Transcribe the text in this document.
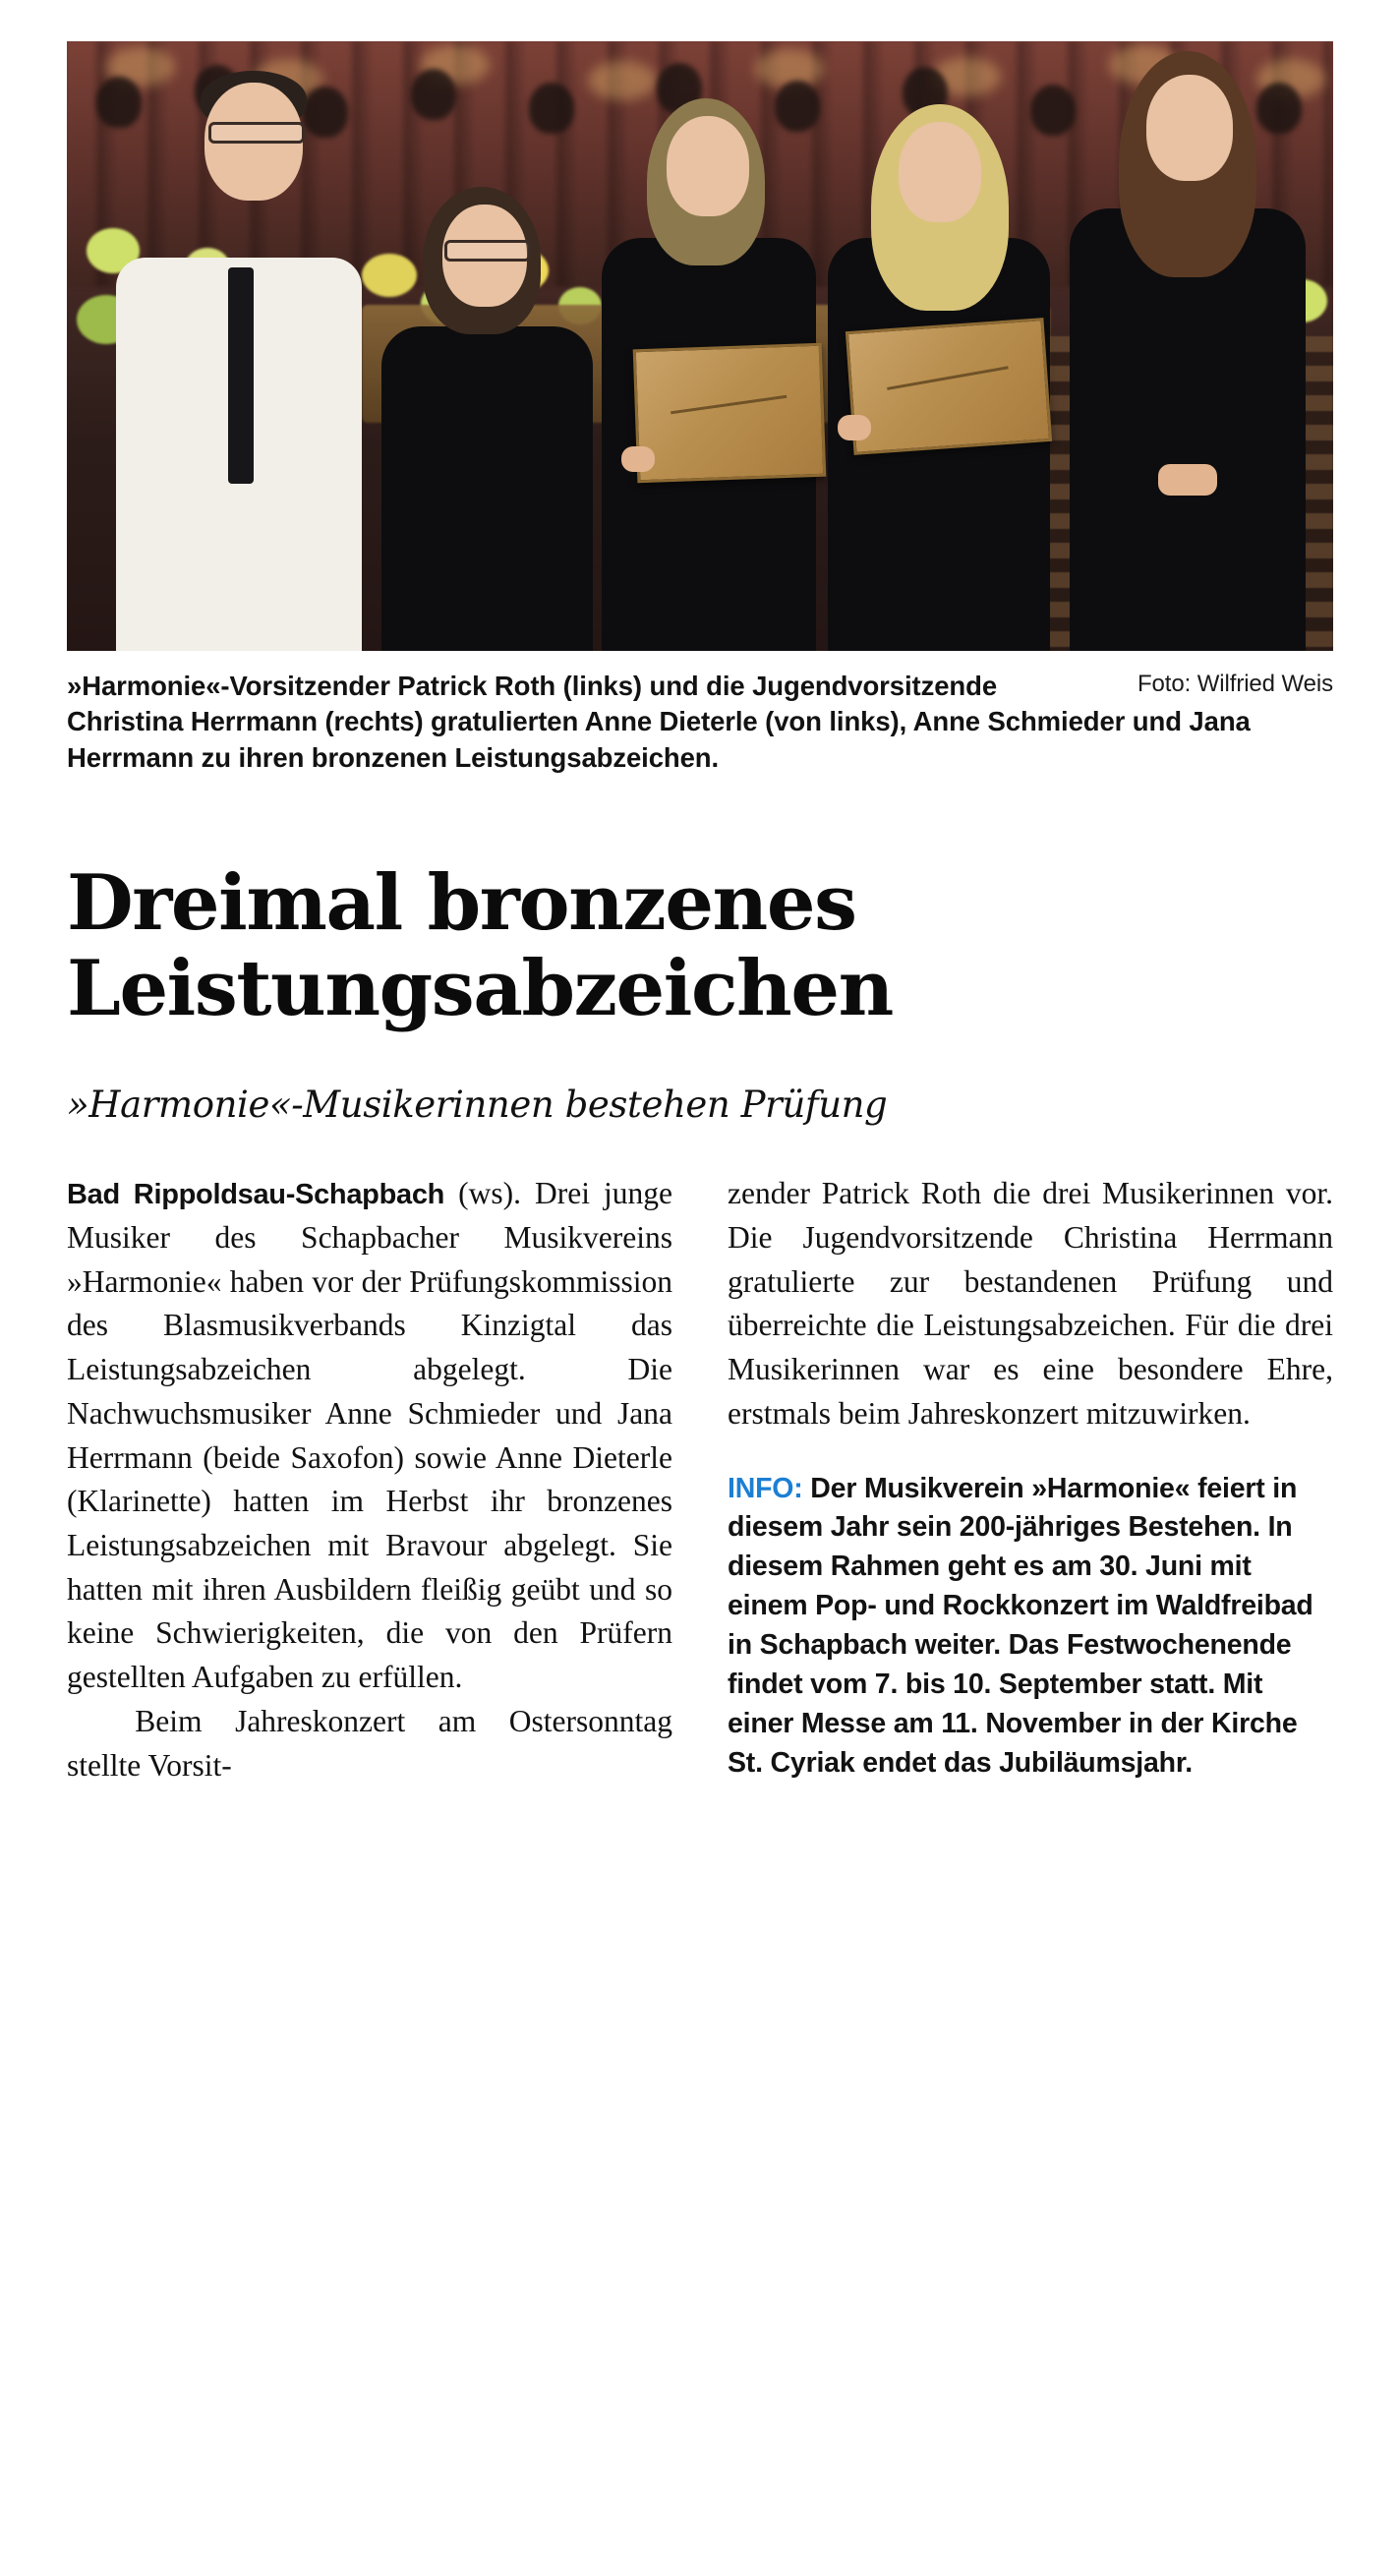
Foto: Wilfried Weis
»Harmonie«-Vorsitzender Patrick Roth (links) und die Jugendvorsitzende Christina Herrmann (rechts) gratulierten Anne Dieterle (von links), Anne Schmieder und Jana Herrmann zu ihren bronzenen Leistungsabzeichen.
Dreimal bronzenes
Leistungsabzeichen
»Harmonie«-Musikerinnen bestehen Prüfung

Bad Rippoldsau-Schapbach (ws). Drei junge Musiker des Schapbacher Musikvereins »Harmonie« haben vor der Prüfungskommission des Blasmusikverbands Kinzigtal das Leistungsabzeichen abgelegt. Die Nachwuchsmusiker Anne Schmieder und Jana Herrmann (beide Saxofon) sowie Anne Dieterle (Klarinette) hatten im Herbst ihr bronzenes Leistungsabzeichen mit Bravour abgelegt. Sie hatten mit ihren Ausbildern fleißig geübt und so keine Schwierigkeiten, die von den Prüfern gestellten Aufgaben zu erfüllen.

Beim Jahreskonzert am Ostersonntag stellte Vorsit-

zender Patrick Roth die drei Musikerinnen vor. Die Jugendvorsitzende Christina Herrmann gratulierte zur bestandenen Prüfung und überreichte die Leistungsabzeichen. Für die drei Musikerinnen war es eine besondere Ehre, erstmals beim Jahreskonzert mitzuwirken.

INFO: Der Musikverein »Harmonie« feiert in diesem Jahr sein 200-jähriges Bestehen. In diesem Rahmen geht es am 30. Juni mit einem Pop- und Rockkonzert im Waldfreibad in Schapbach weiter. Das Festwochenende findet vom 7. bis 10. September statt. Mit einer Messe am 11. November in der Kirche St. Cyriak endet das Jubiläumsjahr.
